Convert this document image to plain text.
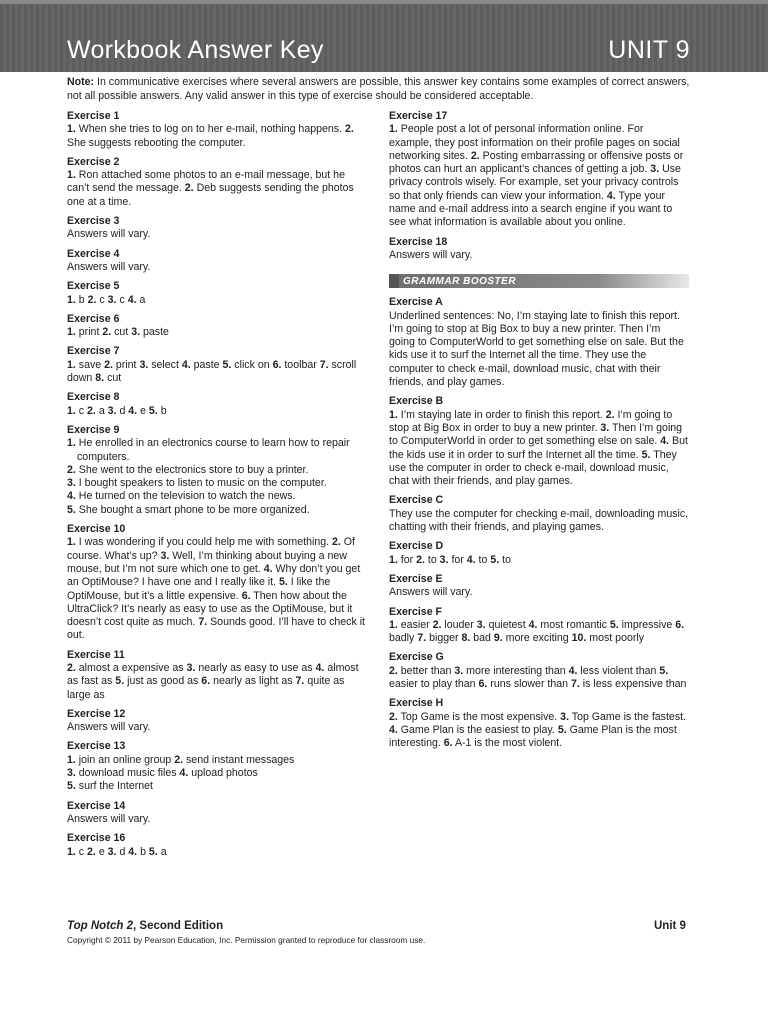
Workbook Answer Key	UNIT 9
Note: In communicative exercises where several answers are possible, this answer key contains some examples of correct answers, not all possible answers. Any valid answer in this type of exercise should be considered acceptable.
Exercise 1
1. When she tries to log on to her e-mail, nothing happens. 2. She suggests rebooting the computer.
Exercise 2
1. Ron attached some photos to an e-mail message, but he can’t send the message. 2. Deb suggests sending the photos one at a time.
Exercise 3
Answers will vary.
Exercise 4
Answers will vary.
Exercise 5
1. b 2. c 3. c 4. a
Exercise 6
1. print 2. cut 3. paste
Exercise 7
1. save 2. print 3. select 4. paste 5. click on 6. toolbar 7. scroll down 8. cut
Exercise 8
1. c 2. a 3. d 4. e 5. b
Exercise 9
1. He enrolled in an electronics course to learn how to repair computers.
2. She went to the electronics store to buy a printer.
3. I bought speakers to listen to music on the computer.
4. He turned on the television to watch the news.
5. She bought a smart phone to be more organized.
Exercise 10
1. I was wondering if you could help me with something. 2. Of course. What’s up? 3. Well, I’m thinking about buying a new mouse, but I’m not sure which one to get. 4. Why don’t you get an OptiMouse? I have one and I really like it. 5. I like the OptiMouse, but it’s a little expensive. 6. Then how about the UltraClick? It’s nearly as easy to use as the OptiMouse, but it doesn’t cost quite as much. 7. Sounds good. I’ll have to check it out.
Exercise 11
2. almost a expensive as 3. nearly as easy to use as 4. almost as fast as 5. just as good as 6. nearly as light as 7. quite as large as
Exercise 12
Answers will vary.
Exercise 13
1. join an online group 2. send instant messages
3. download music files 4. upload photos
5. surf the Internet
Exercise 14
Answers will vary.
Exercise 16
1. c 2. e 3. d 4. b 5. a
Exercise 17
1. People post a lot of personal information online. For example, they post information on their profile pages on social networking sites. 2. Posting embarrassing or offensive posts or photos can hurt an applicant’s chances of getting a job. 3. Use privacy controls wisely. For example, set your privacy controls so that only friends can view your information. 4. Type your name and e-mail address into a search engine if you want to see what information is available about you online.
Exercise 18
Answers will vary.
GRAMMAR BOOSTER
Exercise A
Underlined sentences: No, I’m staying late to finish this report. I’m going to stop at Big Box to buy a new printer. Then I’m going to ComputerWorld to get something else on sale. But the kids use it to surf the Internet all the time. They use the computer to check e-mail, download music, chat with their friends, and play games.
Exercise B
1. I’m staying late in order to finish this report. 2. I’m going to stop at Big Box in order to buy a new printer. 3. Then I’m going to ComputerWorld in order to get something else on sale. 4. But the kids use it in order to surf the Internet all the time. 5. They use the computer in order to check e-mail, download music, chat with their friends, and play games.
Exercise C
They use the computer for checking e-mail, downloading music, chatting with their friends, and playing games.
Exercise D
1. for 2. to 3. for 4. to 5. to
Exercise E
Answers will vary.
Exercise F
1. easier 2. louder 3. quietest 4. most romantic 5. impressive 6. badly 7. bigger 8. bad 9. more exciting 10. most poorly
Exercise G
2. better than 3. more interesting than 4. less violent than 5. easier to play than 6. runs slower than 7. is less expensive than
Exercise H
2. Top Game is the most expensive. 3. Top Game is the fastest. 4. Game Plan is the easiest to play. 5. Game Plan is the most interesting. 6. A-1 is the most violent.
Top Notch 2, Second Edition	Unit 9
Copyright © 2011 by Pearson Education, Inc. Permission granted to reproduce for classroom use.
